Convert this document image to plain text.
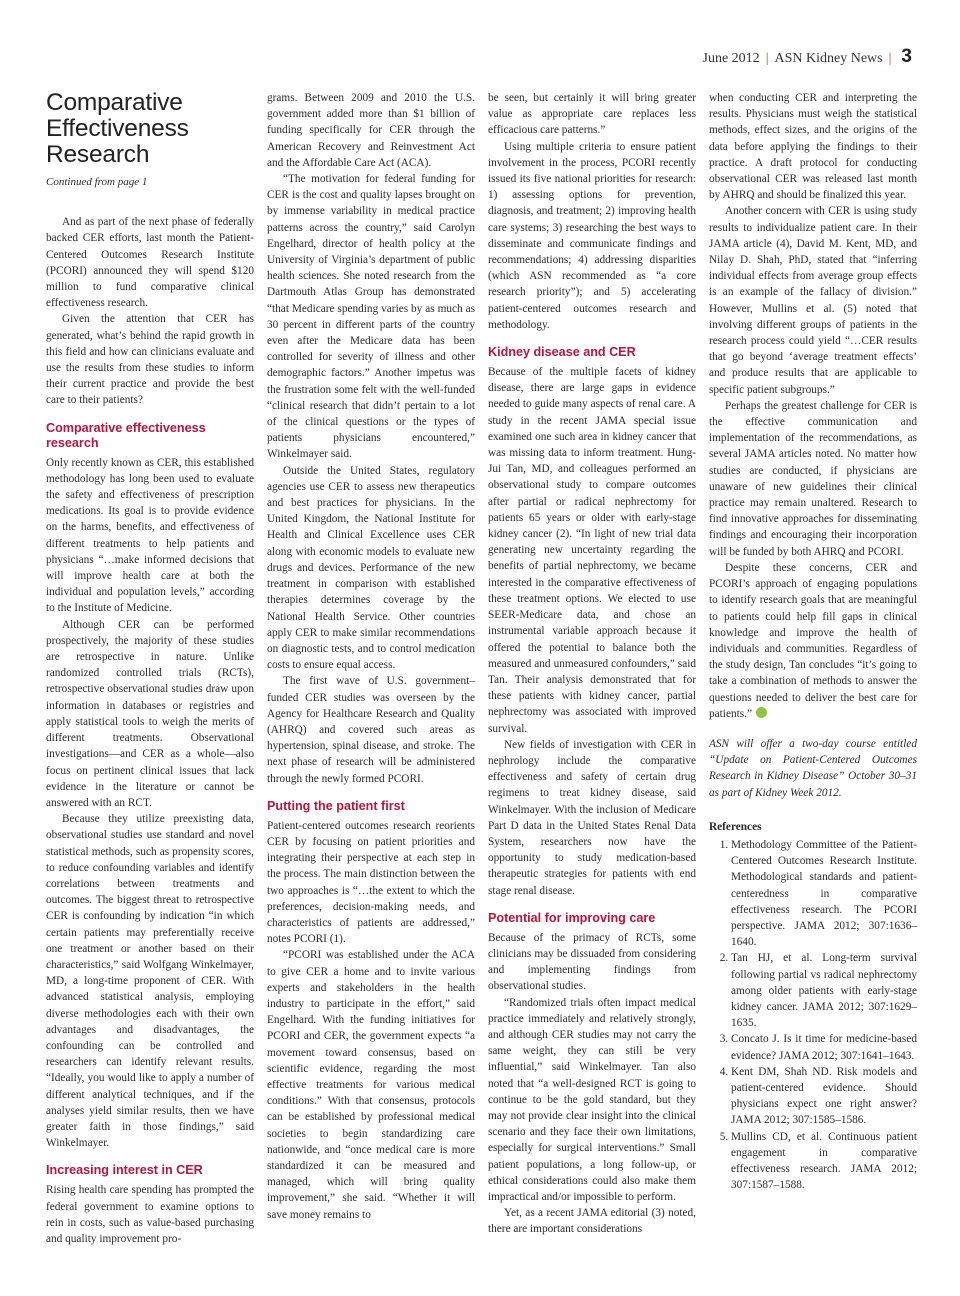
June 2012 | ASN Kidney News | 3
Comparative Effectiveness Research
Continued from page 1

And as part of the next phase of federally backed CER efforts, last month the Patient-Centered Outcomes Research Institute (PCORI) announced they will spend $120 million to fund comparative clinical effectiveness research.

Given the attention that CER has generated, what’s behind the rapid growth in this field and how can clinicians evaluate and use the results from these studies to inform their current practice and provide the best care to their patients?

Comparative effectiveness research

Only recently known as CER, this established methodology has long been used to evaluate the safety and effectiveness of prescription medications. Its goal is to provide evidence on the harms, benefits, and effectiveness of different treatments to help patients and physicians “…make informed decisions that will improve health care at both the individual and population levels,” according to the Institute of Medicine.

Although CER can be performed prospectively, the majority of these studies are retrospective in nature. Unlike randomized controlled trials (RCTs), retrospective observational studies draw upon information in databases or registries and apply statistical tools to weigh the merits of different treatments. Observational investigations—and CER as a whole—also focus on pertinent clinical issues that lack evidence in the literature or cannot be answered with an RCT.

Because they utilize preexisting data, observational studies use standard and novel statistical methods, such as propensity scores, to reduce confounding variables and identify correlations between treatments and outcomes. The biggest threat to retrospective CER is confounding by indication “in which certain patients may preferentially receive one treatment or another based on their characteristics,” said Wolfgang Winkelmayer, MD, a long-time proponent of CER. With advanced statistical analysis, employing diverse methodologies each with their own advantages and disadvantages, the confounding can be controlled and researchers can identify relevant results. “Ideally, you would like to apply a number of different analytical techniques, and if the analyses yield similar results, then we have greater faith in those findings,” said Winkelmayer.

Increasing interest in CER

Rising health care spending has prompted the federal government to examine options to rein in costs, such as value-based purchasing and quality improvement pro-

grams. Between 2009 and 2010 the U.S. government added more than $1 billion of funding specifically for CER through the American Recovery and Reinvestment Act and the Affordable Care Act (ACA).

“The motivation for federal funding for CER is the cost and quality lapses brought on by immense variability in medical practice patterns across the country,” said Carolyn Engelhard, director of health policy at the University of Virginia’s department of public health sciences. She noted research from the Dartmouth Atlas Group has demonstrated “that Medicare spending varies by as much as 30 percent in different parts of the country even after the Medicare data has been controlled for severity of illness and other demographic factors.” Another impetus was the frustration some felt with the well-funded “clinical research that didn’t pertain to a lot of the clinical questions or the types of patients physicians encountered,” Winkelmayer said.

Outside the United States, regulatory agencies use CER to assess new therapeutics and best practices for physicians. In the United Kingdom, the National Institute for Health and Clinical Excellence uses CER along with economic models to evaluate new drugs and devices. Performance of the new treatment in comparison with established therapies determines coverage by the National Health Service. Other countries apply CER to make similar recommendations on diagnostic tests, and to control medication costs to ensure equal access.

The first wave of U.S. government–funded CER studies was overseen by the Agency for Healthcare Research and Quality (AHRQ) and covered such areas as hypertension, spinal disease, and stroke. The next phase of research will be administered through the newly formed PCORI.

Putting the patient first

Patient-centered outcomes research reorients CER by focusing on patient priorities and integrating their perspective at each step in the process. The main distinction between the two approaches is “…the extent to which the preferences, decision-making needs, and characteristics of patients are addressed,” notes PCORI (1).

“PCORI was established under the ACA to give CER a home and to invite various experts and stakeholders in the health industry to participate in the effort,” said Engelhard. With the funding initiatives for PCORI and CER, the government expects “a movement toward consensus, based on scientific evidence, regarding the most effective treatments for various medical conditions.” With that consensus, protocols can be established by professional medical societies to begin standardizing care nationwide, and “once medical care is more standardized it can be measured and managed, which will bring quality improvement,” she said. “Whether it will save money remains to

be seen, but certainly it will bring greater value as appropriate care replaces less efficacious care patterns.”

Using multiple criteria to ensure patient involvement in the process, PCORI recently issued its five national priorities for research: 1) assessing options for prevention, diagnosis, and treatment; 2) improving health care systems; 3) researching the best ways to disseminate and communicate findings and recommendations; 4) addressing disparities (which ASN recommended as “a core research priority”); and 5) accelerating patient-centered outcomes research and methodology.

Kidney disease and CER

Because of the multiple facets of kidney disease, there are large gaps in evidence needed to guide many aspects of renal care. A study in the recent JAMA special issue examined one such area in kidney cancer that was missing data to inform treatment. Hung-Jui Tan, MD, and colleagues performed an observational study to compare outcomes after partial or radical nephrectomy for patients 65 years or older with early-stage kidney cancer (2). “In light of new trial data generating new uncertainty regarding the benefits of partial nephrectomy, we became interested in the comparative effectiveness of these treatment options. We elected to use SEER-Medicare data, and chose an instrumental variable approach because it offered the potential to balance both the measured and unmeasured confounders,” said Tan. Their analysis demonstrated that for these patients with kidney cancer, partial nephrectomy was associated with improved survival.

New fields of investigation with CER in nephrology include the comparative effectiveness and safety of certain drug regimens to treat kidney disease, said Winkelmayer. With the inclusion of Medicare Part D data in the United States Renal Data System, researchers now have the opportunity to study medication-based therapeutic strategies for patients with end stage renal disease.

Potential for improving care

Because of the primacy of RCTs, some clinicians may be dissuaded from considering and implementing findings from observational studies.

“Randomized trials often impact medical practice immediately and relatively strongly, and although CER studies may not carry the same weight, they can still be very influential,” said Winkelmayer. Tan also noted that “a well-designed RCT is going to continue to be the gold standard, but they may not provide clear insight into the clinical scenario and they face their own limitations, especially for surgical interventions.” Small patient populations, a long follow-up, or ethical considerations could also make them impractical and/or impossible to perform.

Yet, as a recent JAMA editorial (3) noted, there are important considerations

when conducting CER and interpreting the results. Physicians must weigh the statistical methods, effect sizes, and the origins of the data before applying the findings to their practice. A draft protocol for conducting observational CER was released last month by AHRQ and should be finalized this year.

Another concern with CER is using study results to individualize patient care. In their JAMA article (4), David M. Kent, MD, and Nilay D. Shah, PhD, stated that “inferring individual effects from average group effects is an example of the fallacy of division.” However, Mullins et al. (5) noted that involving different groups of patients in the research process could yield “…CER results that go beyond ‘average treatment effects’ and produce results that are applicable to specific patient subgroups.”

Perhaps the greatest challenge for CER is the effective communication and implementation of the recommendations, as several JAMA articles noted. No matter how studies are conducted, if physicians are unaware of new guidelines their clinical practice may remain unaltered. Research to find innovative approaches for disseminating findings and encouraging their incorporation will be funded by both AHRQ and PCORI.

Despite these concerns, CER and PCORI’s approach of engaging populations to identify research goals that are meaningful to patients could help fill gaps in clinical knowledge and improve the health of individuals and communities. Regardless of the study design, Tan concludes “it’s going to take a combination of methods to answer the questions needed to deliver the best care for patients.”

ASN will offer a two-day course entitled “Update on Patient-Centered Outcomes Research in Kidney Disease” October 30–31 as part of Kidney Week 2012.

References
1. Methodology Committee of the Patient-Centered Outcomes Research Institute. Methodological standards and patient-centeredness in comparative effectiveness research. The PCORI perspective. JAMA 2012; 307:1636–1640.
2. Tan HJ, et al. Long-term survival following partial vs radical nephrectomy among older patients with early-stage kidney cancer. JAMA 2012; 307:1629–1635.
3. Concato J. Is it time for medicine-based evidence? JAMA 2012; 307:1641–1643.
4. Kent DM, Shah ND. Risk models and patient-centered evidence. Should physicians expect one right answer? JAMA 2012; 307:1585–1586.
5. Mullins CD, et al. Continuous patient engagement in comparative effectiveness research. JAMA 2012; 307:1587–1588.
